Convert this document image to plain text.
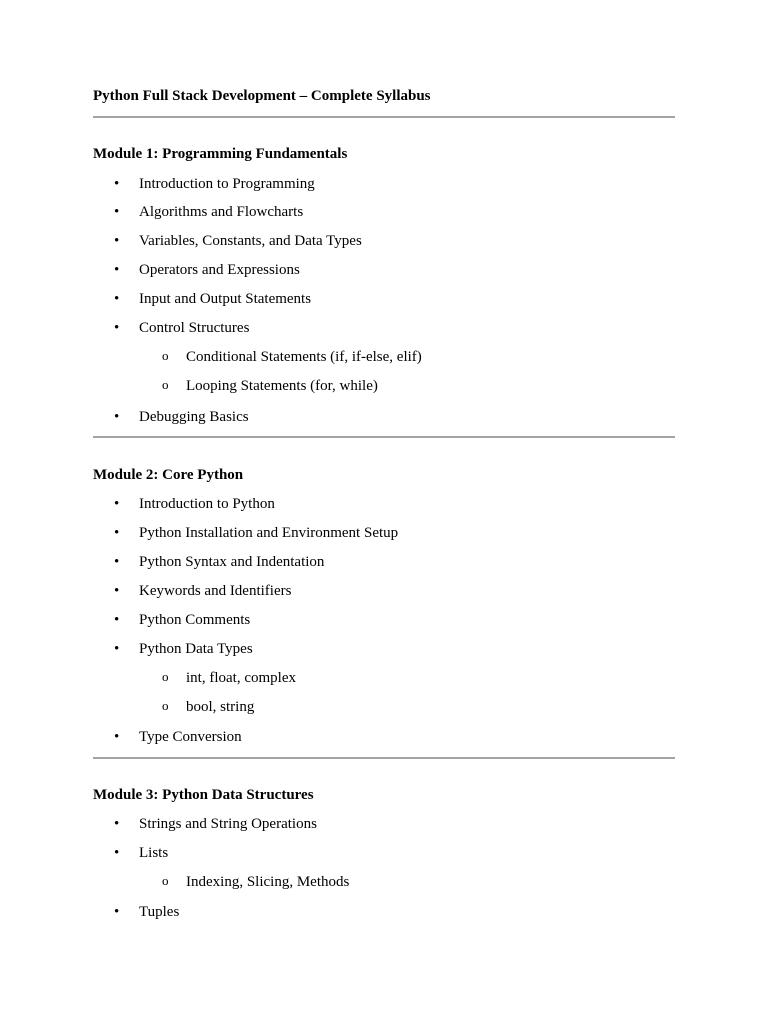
Python Full Stack Development – Complete Syllabus
Module 1: Programming Fundamentals
•	Introduction to Programming
•	Algorithms and Flowcharts
•	Variables, Constants, and Data Types
•	Operators and Expressions
•	Input and Output Statements
•	Control Structures
o Conditional Statements (if, if-else, elif)
o Looping Statements (for, while)
•	Debugging Basics
Module 2: Core Python
•	Introduction to Python
•	Python Installation and Environment Setup
•	Python Syntax and Indentation
•	Keywords and Identifiers
•	Python Comments
•	Python Data Types
o int, float, complex
o bool, string
•	Type Conversion
Module 3: Python Data Structures
•	Strings and String Operations
•	Lists
o Indexing, Slicing, Methods
•	Tuples
